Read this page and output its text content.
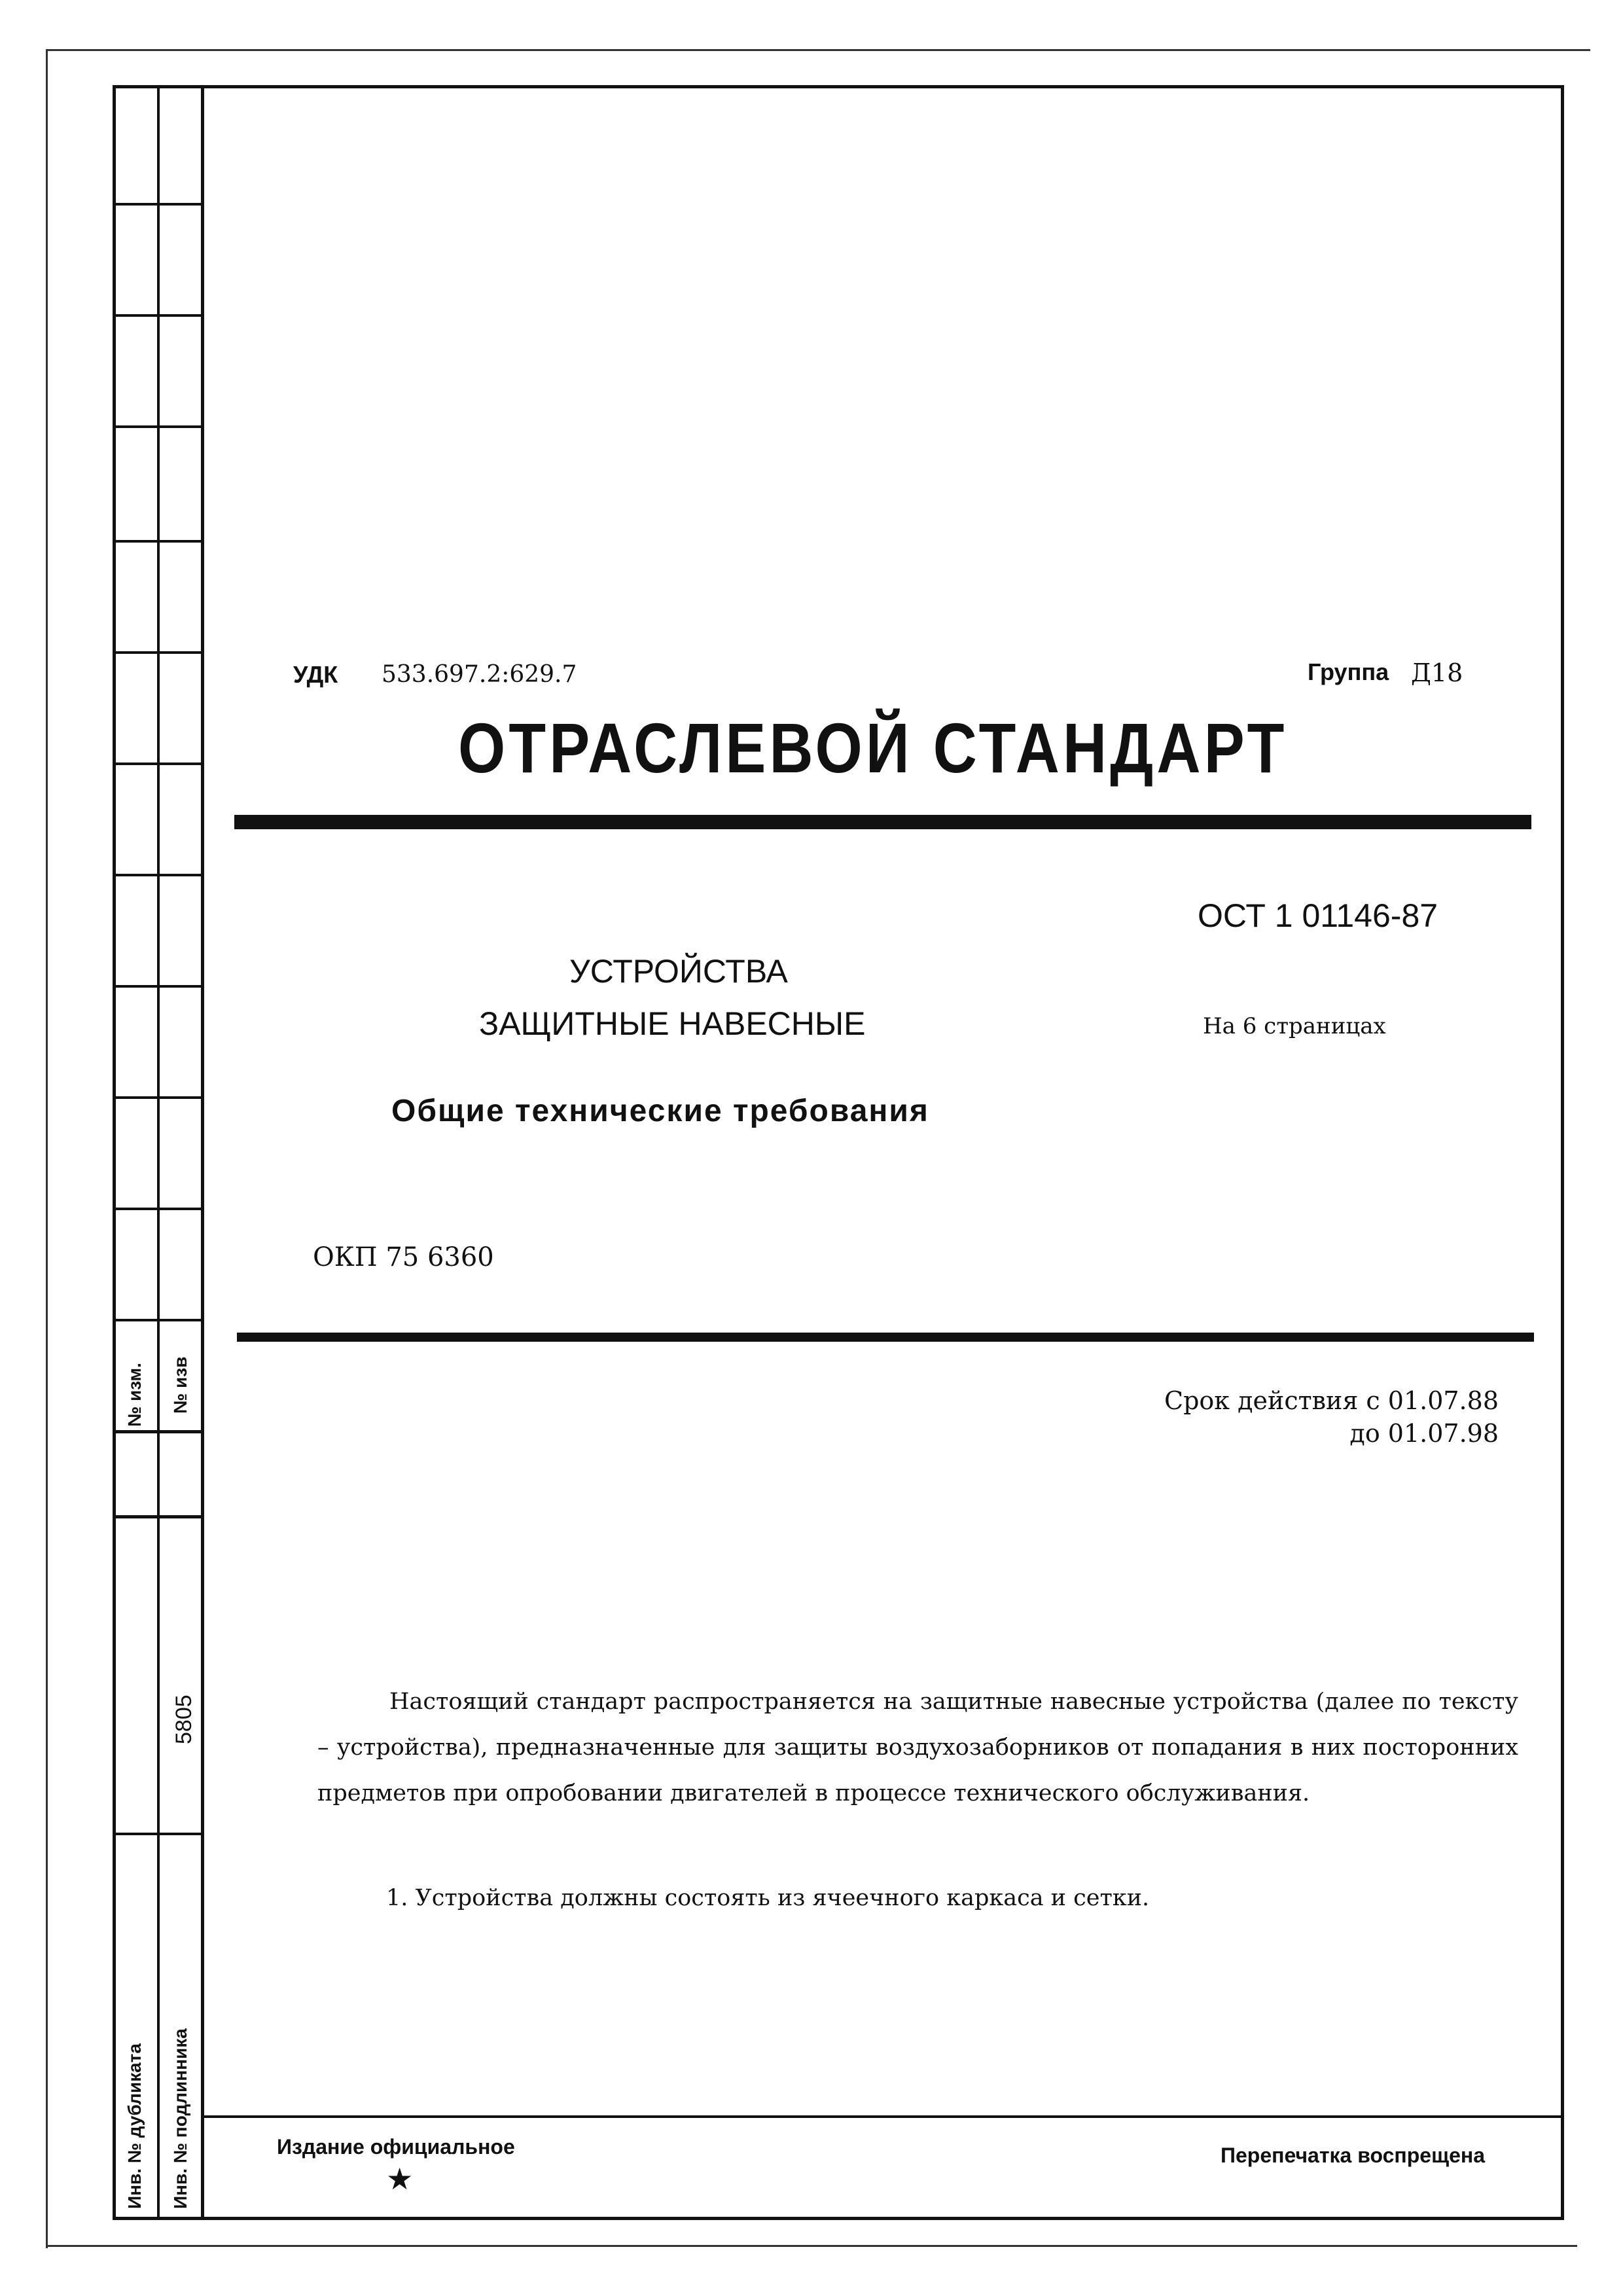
№ изм. № изв
Инв. № дубликата Инв. № подлинника
5805
УДК 533.697.2:629.7	Группа Д18
ОТРАСЛЕВОЙ СТАНДАРТ
ОСТ 1 01146-87
УСТРОЙСТВА
ЗАЩИТНЫЕ НАВЕСНЫЕ	На 6 страницах
Общие технические требования
ОКП 75 6360
Срок действия с 01.07.88
до 01.07.98

Настоящий стандарт распространяется на защитные навесные устройства (далее по тексту – устройства), предназначенные для защиты воздухозаборников от попадания в них посторонних предметов при опробовании двигателей в процессе технического обслуживания.

1. Устройства должны состоять из ячеечного каркаса и сетки.
Издание официальное
★
Перепечатка воспрещена
